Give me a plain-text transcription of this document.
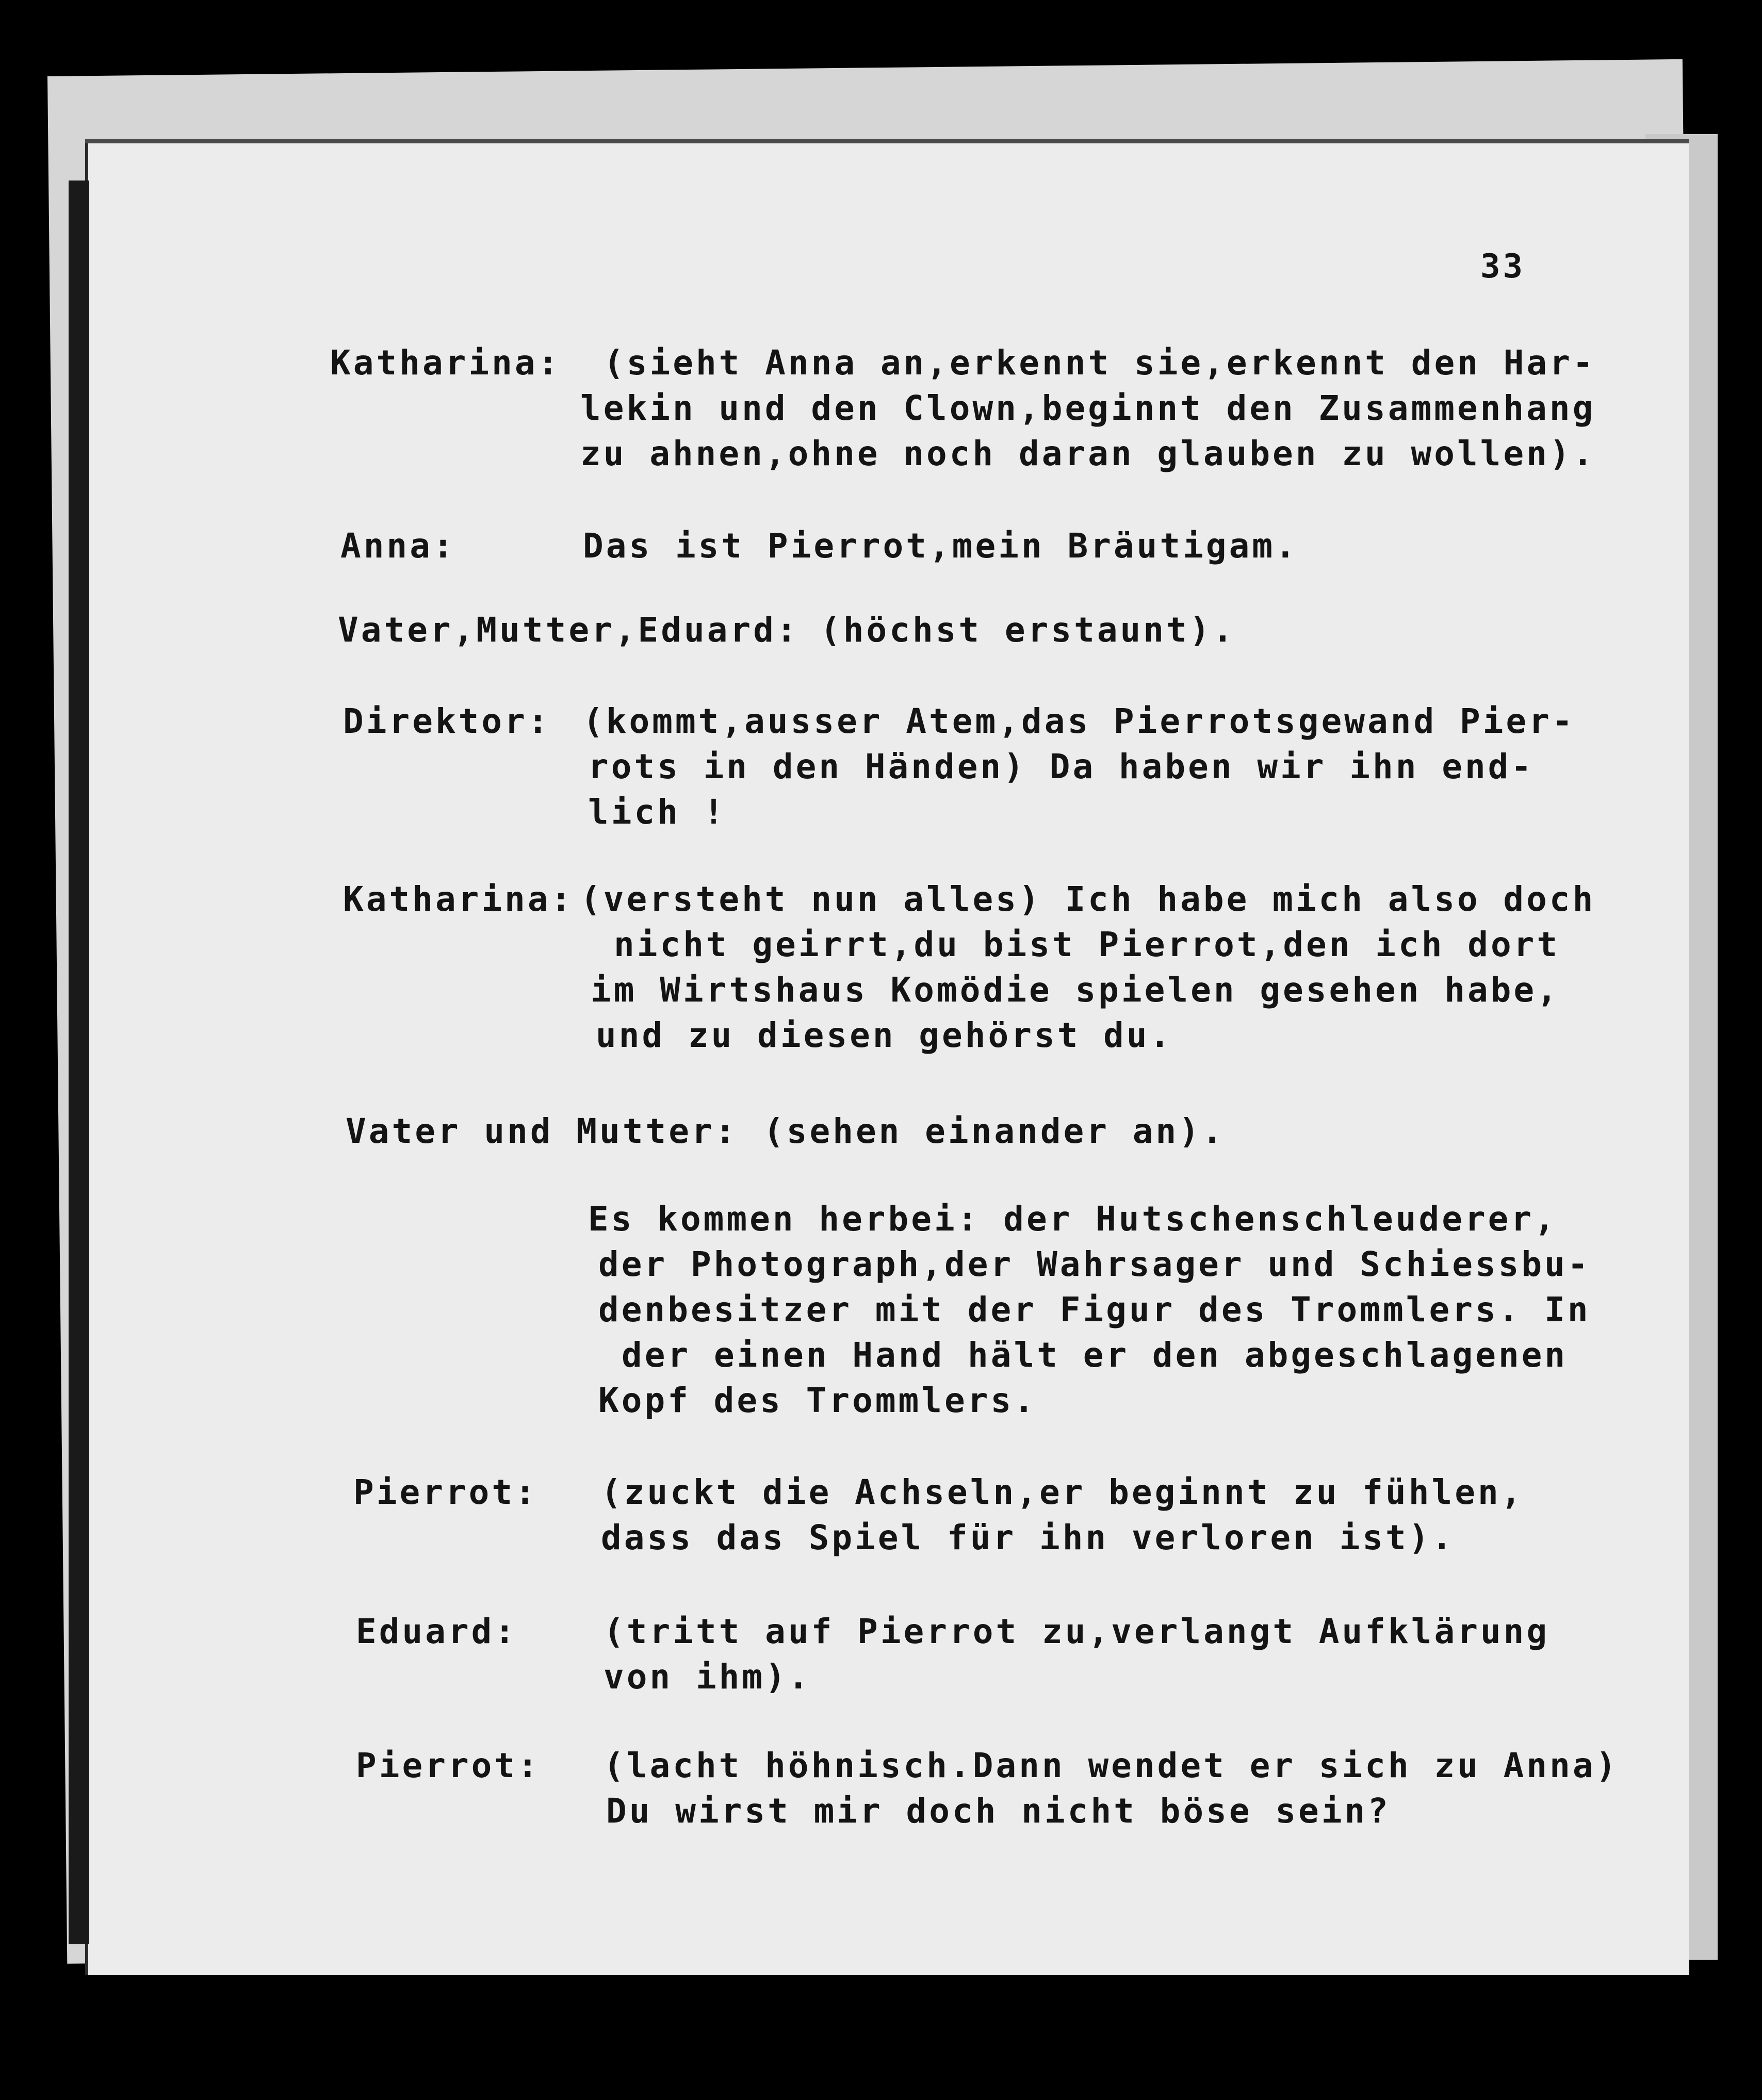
33
Katharina: (sieht Anna an,erkennt sie,erkennt den Har-
lekin und den Clown,beginnt den Zusammenhang
zu ahnen,ohne noch daran glauben zu wollen).
Anna:	Das ist Pierrot,mein Bräutigam.
Vater,Mutter,Eduard: (höchst erstaunt).
Direktor: (kommt,ausser Atem,das Pierrotsgewand Pier-
rots in den Händen) Da haben wir ihn end-
lich !
Katharina: (versteht nun alles) Ich habe mich also doch
nicht geirrt,du bist Pierrot,den ich dort
im Wirtshaus Komödie spielen gesehen habe,
und zu diesen gehörst du.
Vater und Mutter: (sehen einander an).
Es kommen herbei: der Hutschenschleuderer,
der Photograph,der Wahrsager und Schiessbu-
denbesitzer mit der Figur des Trommlers. In
der einen Hand hält er den abgeschlagenen
Kopf des Trommlers.
Pierrot: (zuckt die Achseln,er beginnt zu fühlen,
dass das Spiel für ihn verloren ist).
Eduard:	(tritt auf Pierrot zu,verlangt Aufklärung
von ihm).
Pierrot: (lacht höhnisch.Dann wendet er sich zu Anna)
Du wirst mir doch nicht böse sein?
